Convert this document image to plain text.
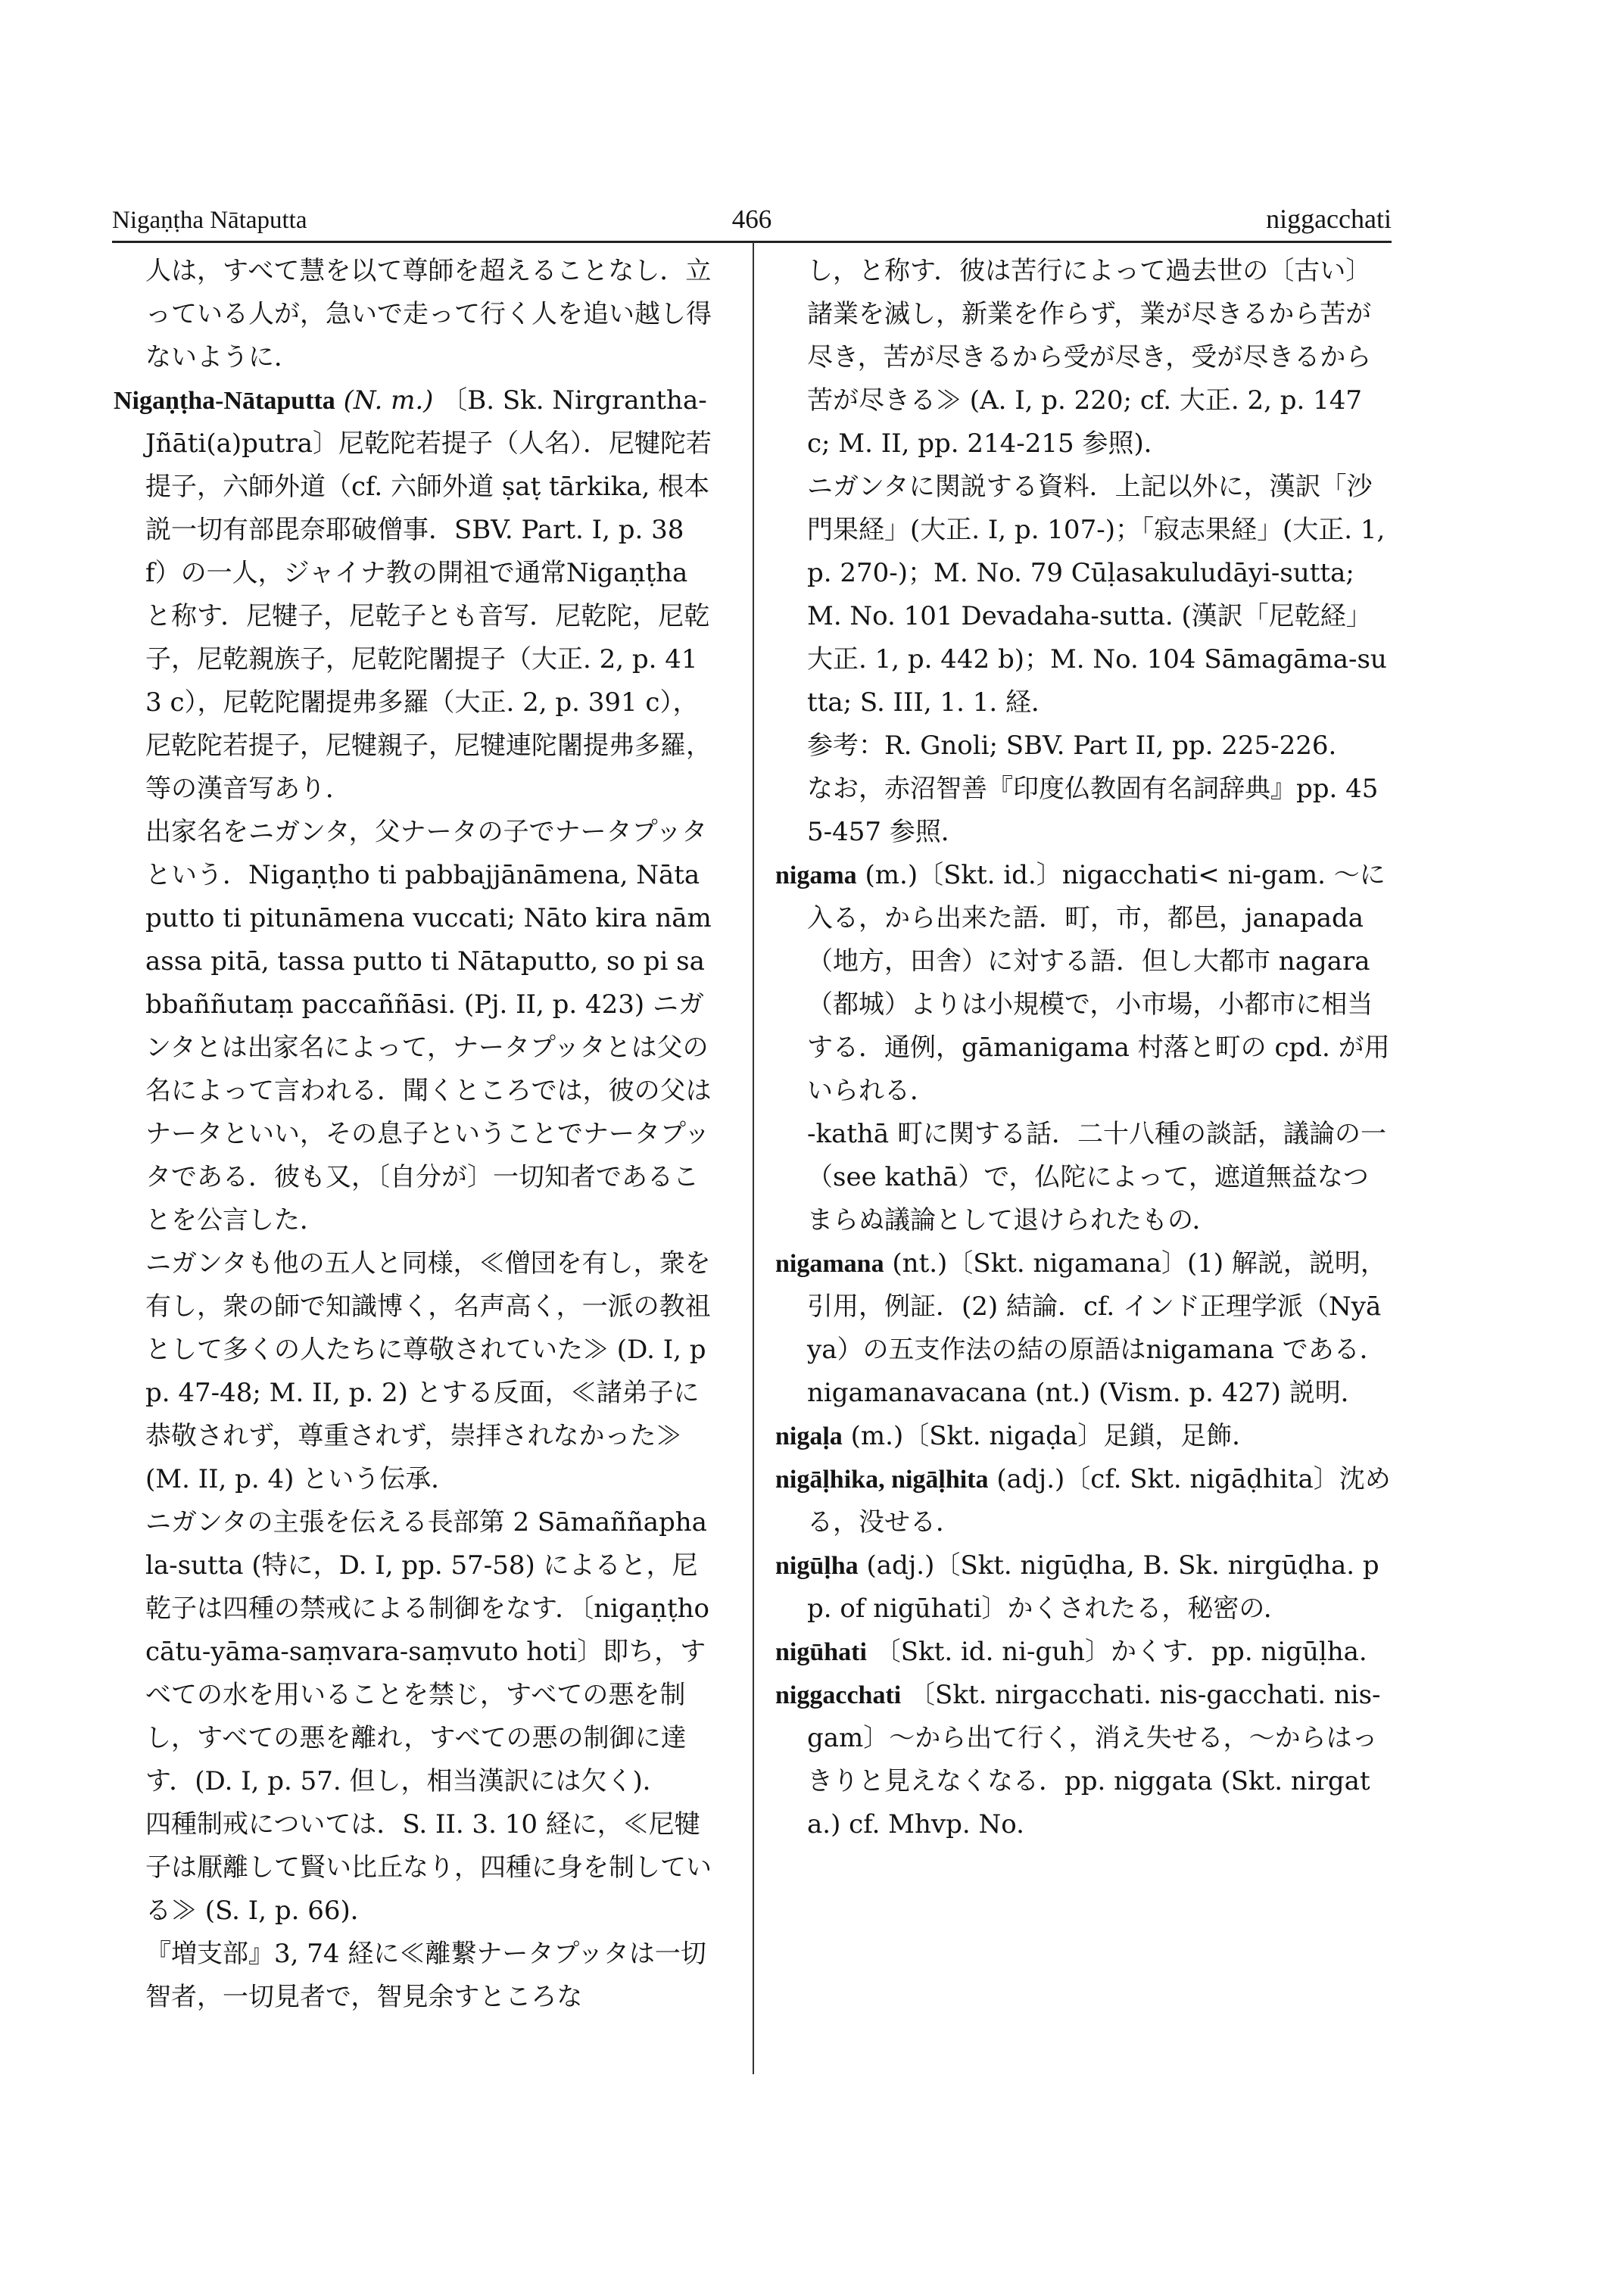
Nigaṇṭha Nātaputta	466	niggacchati

人は，すべて慧を以て尊師を超えることなし．立っている人が，急いで走って行く人を追い越し得ないように．

Nigaṇṭha-Nātaputta (N. m.) 〔B. Sk. Nirgrantha-Jñāti(a)putra〕尼乾陀若提子（人名）．尼犍陀若提子，六師外道（cf. 六師外道 ṣaṭ tārkika, 根本説一切有部毘奈耶破僧事．SBV. Part. I, p. 38 f）の一人，ジャイナ教の開祖で通常Nigaṇṭha と称す．尼犍子，尼乾子とも音写．尼乾陀，尼乾子，尼乾親族子，尼乾陀闍提子（大正. 2, p. 413 c），尼乾陀闍提弗多羅（大正. 2, p. 391 c），尼乾陀若提子，尼犍親子，尼犍連陀闍提弗多羅，等の漢音写あり．

出家名をニガンタ，父ナータの子でナータプッタという．Nigaṇṭho ti pabbajjānāmena, Nātaputto ti pitunāmena vuccati; Nāto kira nām assa pitā, tassa putto ti Nātaputto, so pi sabbaññutaṃ paccaññāsi. (Pj. II, p. 423) ニガンタとは出家名によって，ナータプッタとは父の名によって言われる．聞くところでは，彼の父はナータといい，その息子ということでナータプッタである．彼も又，〔自分が〕一切知者であることを公言した．

ニガンタも他の五人と同様，≪僧団を有し，衆を有し，衆の師で知識博く，名声高く，一派の教祖として多くの人たちに尊敬されていた≫ (D. I, pp. 47-48; M. II, p. 2) とする反面，≪諸弟子に恭敬されず，尊重されず，崇拝されなかった≫ (M. II, p. 4) という伝承．

ニガンタの主張を伝える長部第 2 Sāmaññaphala-sutta (特に，D. I, pp. 57-58) によると，尼乾子は四種の禁戒による制御をなす．〔nigaṇṭho cātu-yāma-saṃvara-saṃvuto hoti〕即ち，すべての水を用いることを禁じ，すべての悪を制し，すべての悪を離れ，すべての悪の制御に達す．(D. I, p. 57. 但し，相当漢訳には欠く)．

四種制戒については．S. II. 3. 10 経に，≪尼犍子は厭離して賢い比丘なり，四種に身を制している≫ (S. I, p. 66)．

『増支部』3, 74 経に≪離繋ナータプッタは一切智者，一切見者で，智見余すところな

し，と称す．彼は苦行によって過去世の〔古い〕諸業を滅し，新業を作らず，業が尽きるから苦が尽き，苦が尽きるから受が尽き，受が尽きるから苦が尽きる≫ (A. I, p. 220; cf. 大正. 2, p. 147 c; M. II, pp. 214-215 参照)．

ニガンタに関説する資料．上記以外に，漢訳「沙門果経」(大正. I, p. 107-)；「寂志果経」(大正. 1, p. 270-)；M. No. 79 Cūḷasakuludāyi-sutta; M. No. 101 Devadaha-sutta. (漢訳「尼乾経」大正. 1, p. 442 b)；M. No. 104 Sāmagāma-sutta; S. III, 1. 1. 経．

参考：R. Gnoli; SBV. Part II, pp. 225-226.

なお，赤沼智善『印度仏教固有名詞辞典』pp. 455-457 参照．

nigama (m.)〔Skt. id.〕nigacchati< ni-gam. ～に入る，から出来た語．町，市，都邑，janapada（地方，田舎）に対する語．但し大都市 nagara（都城）よりは小規模で，小市場，小都市に相当する．通例，gāmanigama 村落と町の cpd. が用いられる．

-kathā 町に関する話．二十八種の談話，議論の一（see kathā）で，仏陀によって，遮道無益なつまらぬ議論として退けられたもの．

nigamana (nt.)〔Skt. nigamana〕(1) 解説，説明，引用，例証．(2) 結論．cf. インド正理学派（Nyāya）の五支作法の結の原語はnigamana である．nigamanavacana (nt.) (Vism. p. 427) 説明．

nigaḷa (m.)〔Skt. nigaḍa〕足鎖，足飾．

nigāḷhika, nigāḷhita (adj.)〔cf. Skt. nigāḍhita〕沈める，没せる．

nigūḷha (adj.)〔Skt. nigūḍha, B. Sk. nirgūḍha. pp. of nigūhati〕かくされたる，秘密の．

nigūhati 〔Skt. id. ni-guh〕かくす．pp. nigūḷha.

niggacchati 〔Skt. nirgacchati. nis-gacchati. nis-gam〕～から出て行く，消え失せる，～からはっきりと見えなくなる．pp. niggata (Skt. nirgata.) cf. Mhvp. No.
